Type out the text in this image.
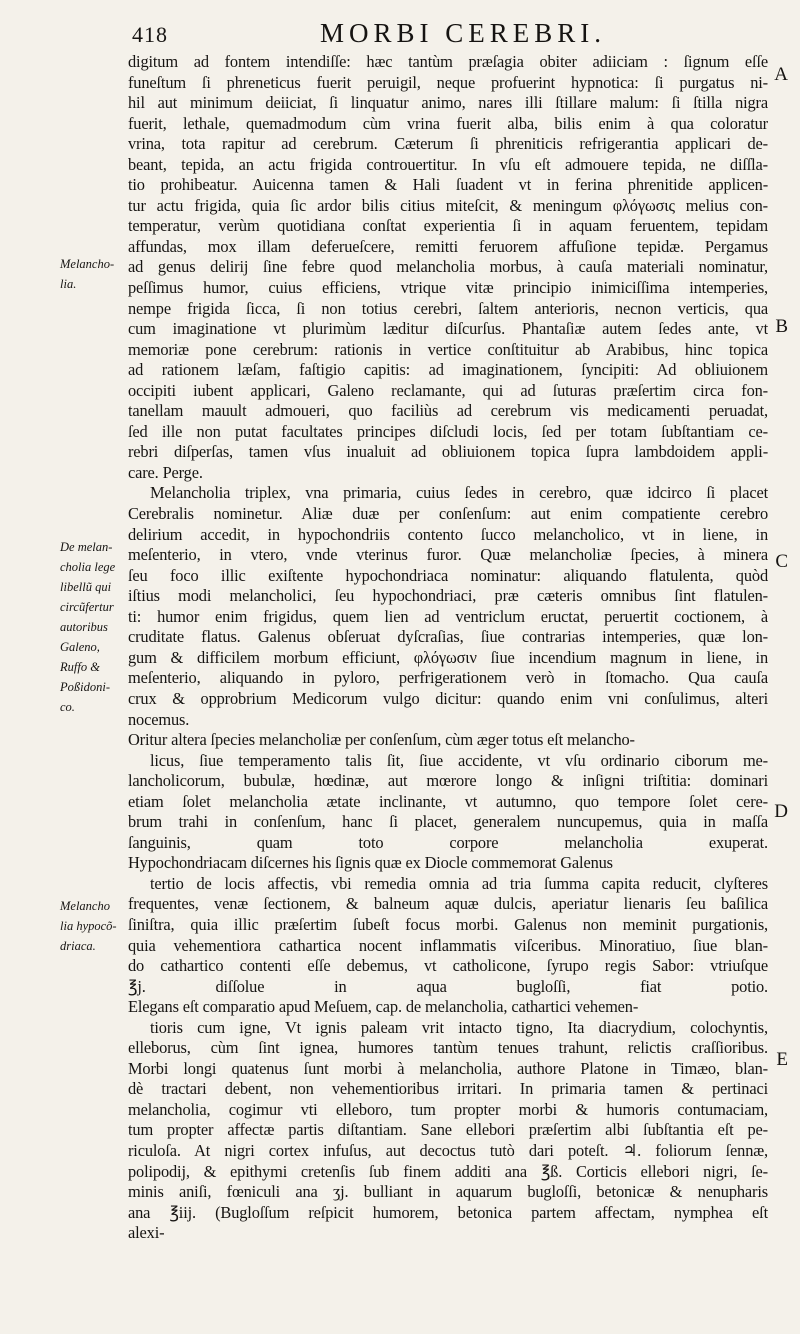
418	MORBI CEREBRI.
Melancho-
lia.
De melan-
cholia lege
libellũ qui
circũfertur
autoribus
Galeno,
Ruffo &
Poßidoni-
co.
Melancho
lia hypocõ-
driaca.
A
B
C
D
E
digitum ad fontem intendiſſe: hæc tantùm præſagia obiter adiiciam : ſignum eſſe
funeſtum ſi phreneticus fuerit peruigil, neque profuerint hypnotica: ſi purgatus ni-
hil aut minimum deiiciat, ſi linquatur animo, nares illi ſtillare malum: ſi ſtilla nigra
fuerit, lethale, quemadmodum cùm vrina fuerit alba, bilis enim à qua coloratur
vrina, tota rapitur ad cerebrum. Cæterum ſi phreniticis refrigerantia applicari de-
beant, tepida, an actu frigida controuertitur. In vſu eſt admouere tepida, ne diſſla-
tio prohibeatur. Auicenna tamen & Hali ſuadent vt in ferina phrenitide applicen-
tur actu frigida, quia ſic ardor bilis citius miteſcit, & meningum φλόγωσις melius con-
temperatur, verùm quotidiana conſtat experientia ſi in aquam feruentem, tepidam
affundas, mox illam deferueſcere, remitti feruorem affuſione tepidæ. Pergamus
ad genus delirij ſine febre quod melancholia morbus, à cauſa materiali nominatur,
peſſimus humor, cuius efficiens, vtrique vitæ principio inimiciſſima intemperies,
nempe frigida ſicca, ſi non totius cerebri, ſaltem anterioris, necnon verticis, qua
cum imaginatione vt plurimùm læditur diſcurſus. Phantaſiæ autem ſedes ante, vt
memoriæ pone cerebrum: rationis in vertice conſtituitur ab Arabibus, hinc topica
ad rationem læſam, faſtigio capitis: ad imaginationem, ſyncipiti: Ad obliuionem
occipiti iubent applicari, Galeno reclamante, qui ad ſuturas præſertim circa fon-
tanellam mauult admoueri, quo faciliùs ad cerebrum vis medicamenti peruadat,
ſed ille non putat facultates principes diſcludi locis, ſed per totam ſubſtantiam ce-
rebri diſperſas, tamen vſus inualuit ad obliuionem topica ſupra lambdoidem appli-
care. Perge.
Melancholia triplex, vna primaria, cuius ſedes in cerebro, quæ idcirco ſi placet
Cerebralis nominetur. Aliæ duæ per conſenſum: aut enim compatiente cerebro
delirium accedit, in hypochondriis contento ſucco melancholico, vt in liene, in
meſenterio, in vtero, vnde vterinus furor. Quæ melancholiæ ſpecies, à minera
ſeu foco illic exiſtente hypochondriaca nominatur: aliquando flatulenta, quòd
iſtius modi melancholici, ſeu hypochondriaci, præ cæteris omnibus ſint flatulen-
ti: humor enim frigidus, quem lien ad ventriclum eructat, peruertit coctionem, à
cruditate flatus. Galenus obſeruat dyſcraſias, ſiue contrarias intemperies, quæ lon-
gum & difficilem morbum efficiunt, φλόγωσιν ſiue incendium magnum in liene, in
meſenterio, aliquando in pyloro, perfrigerationem verò in ſtomacho. Qua cauſa
crux & opprobrium Medicorum vulgo dicitur: quando enim vni conſulimus, alteri
nocemus.
Oritur altera ſpecies melancholiæ per conſenſum, cùm æger totus eſt melancho-
licus, ſiue temperamento talis ſit, ſiue accidente, vt vſu ordinario ciborum me-
lancholicorum, bubulæ, hœdinæ, aut mœrore longo & inſigni triſtitia: dominari
etiam ſolet melancholia ætate inclinante, vt autumno, quo tempore ſolet cere-
brum trahi in conſenſum, hanc ſi placet, generalem nuncupemus, quia in maſſa
ſanguinis, quam toto corpore melancholia exuperat.
Hypochondriacam diſcernes his ſignis quæ ex Diocle commemorat Galenus
tertio de locis affectis, vbi remedia omnia ad tria ſumma capita reducit, clyſteres
frequentes, venæ ſectionem, & balneum aquæ dulcis, aperiatur lienaris ſeu baſilica
ſiniſtra, quia illic præſertim ſubeſt focus morbi. Galenus non meminit purgationis,
quia vehementiora cathartica nocent inflammatis viſceribus. Minoratiuo, ſiue blan-
do cathartico contenti eſſe debemus, vt catholicone, ſyrupo regis Sabor: vtriuſque
℥j. diſſolue in aqua bugloſſi, fiat potio.
Elegans eſt comparatio apud Meſuem, cap. de melancholia, cathartici vehemen-
tioris cum igne, Vt ignis paleam vrit intacto tigno, Ita diacrydium, colochyntis,
elleborus, cùm ſint ignea, humores tantùm tenues trahunt, relictis craſſioribus.
Morbi longi quatenus ſunt morbi à melancholia, authore Platone in Timæo, blan-
dè tractari debent, non vehementioribus irritari. In primaria tamen & pertinaci
melancholia, cogimur vti elleboro, tum propter morbi & humoris contumaciam,
tum propter affectæ partis diſtantiam. Sane ellebori præſertim albi ſubſtantia eſt pe-
riculoſa. At nigri cortex infuſus, aut decoctus tutò dari poteſt. ♃. foliorum ſennæ,
polipodij, & epithymi cretenſis ſub finem additi ana ℥ß. Corticis ellebori nigri, ſe-
minis aniſi, fœniculi ana ʒj. bulliant in aquarum bugloſſi, betonicæ & nenupharis
ana ℥iij. (Bugloſſum reſpicit humorem, betonica partem affectam, nymphea eſt
alexi-
